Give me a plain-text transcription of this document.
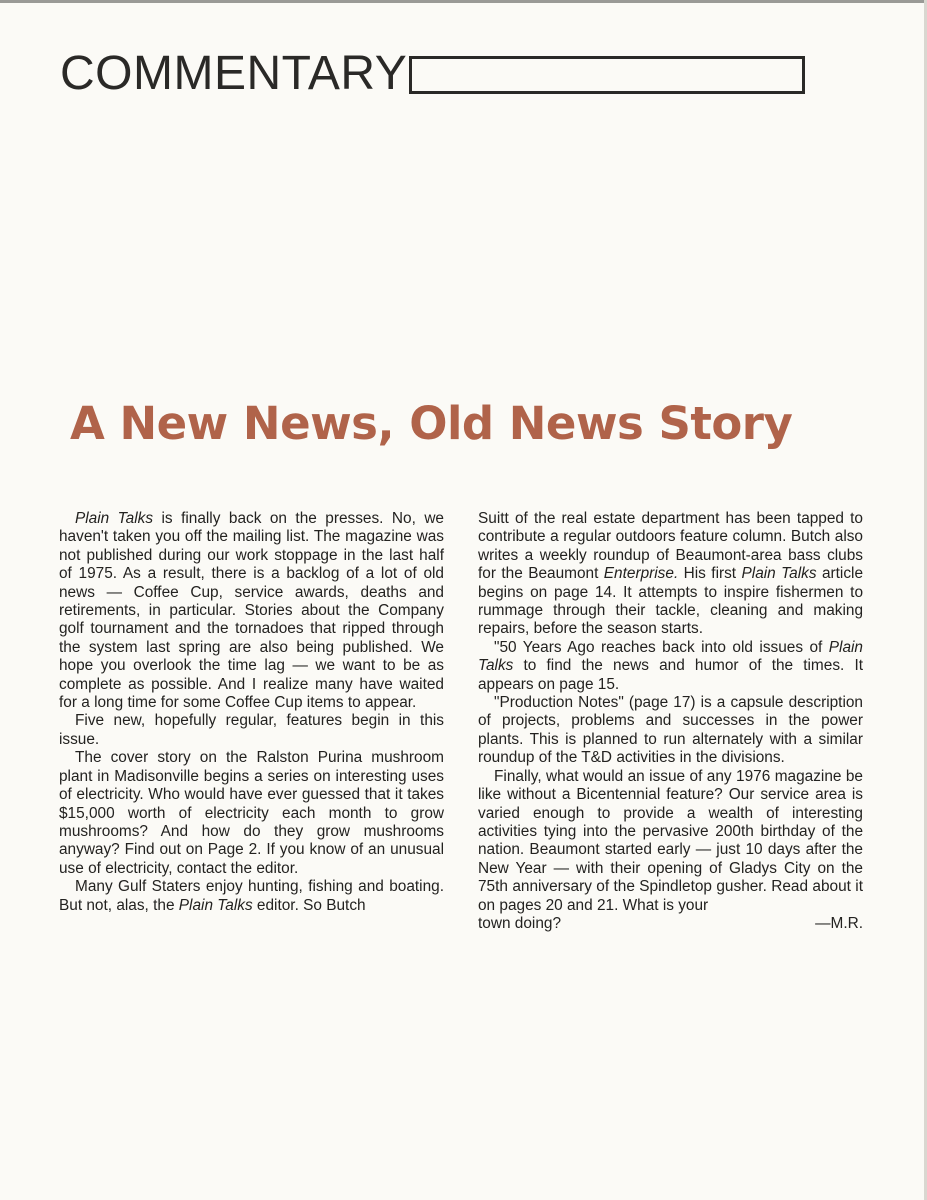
COMMENTARY
A New News, Old News Story

Plain Talks is finally back on the presses. No, we haven't taken you off the mailing list. The magazine was not published during our work stoppage in the last half of 1975. As a result, there is a backlog of a lot of old news — Coffee Cup, service awards, deaths and retirements, in particular. Stories about the Company golf tournament and the tornadoes that ripped through the system last spring are also being published. We hope you overlook the time lag — we want to be as complete as possible. And I realize many have waited for a long time for some Coffee Cup items to appear.

Five new, hopefully regular, features begin in this issue.

The cover story on the Ralston Purina mushroom plant in Madisonville begins a series on interesting uses of electricity. Who would have ever guessed that it takes $15,000 worth of electricity each month to grow mushrooms? And how do they grow mushrooms anyway? Find out on Page 2. If you know of an unusual use of electricity, contact the editor.

Many Gulf Staters enjoy hunting, fishing and boating. But not, alas, the Plain Talks editor. So Butch

Suitt of the real estate department has been tapped to contribute a regular outdoors feature column. Butch also writes a weekly roundup of Beaumont-area bass clubs for the Beaumont Enterprise. His first Plain Talks article begins on page 14. It attempts to inspire fishermen to rummage through their tackle, cleaning and making repairs, before the season starts.

"50 Years Ago reaches back into old issues of Plain Talks to find the news and humor of the times. It appears on page 15.

"Production Notes" (page 17) is a capsule description of projects, problems and successes in the power plants. This is planned to run alternately with a similar roundup of the T&D activities in the divisions.

Finally, what would an issue of any 1976 magazine be like without a Bicentennial feature? Our service area is varied enough to provide a wealth of interesting activities tying into the pervasive 200th birthday of the nation. Beaumont started early — just 10 days after the New Year — with their opening of Gladys City on the 75th anniversary of the Spindletop gusher. Read about it on pages 20 and 21. What is your

town doing?	—M.R.
